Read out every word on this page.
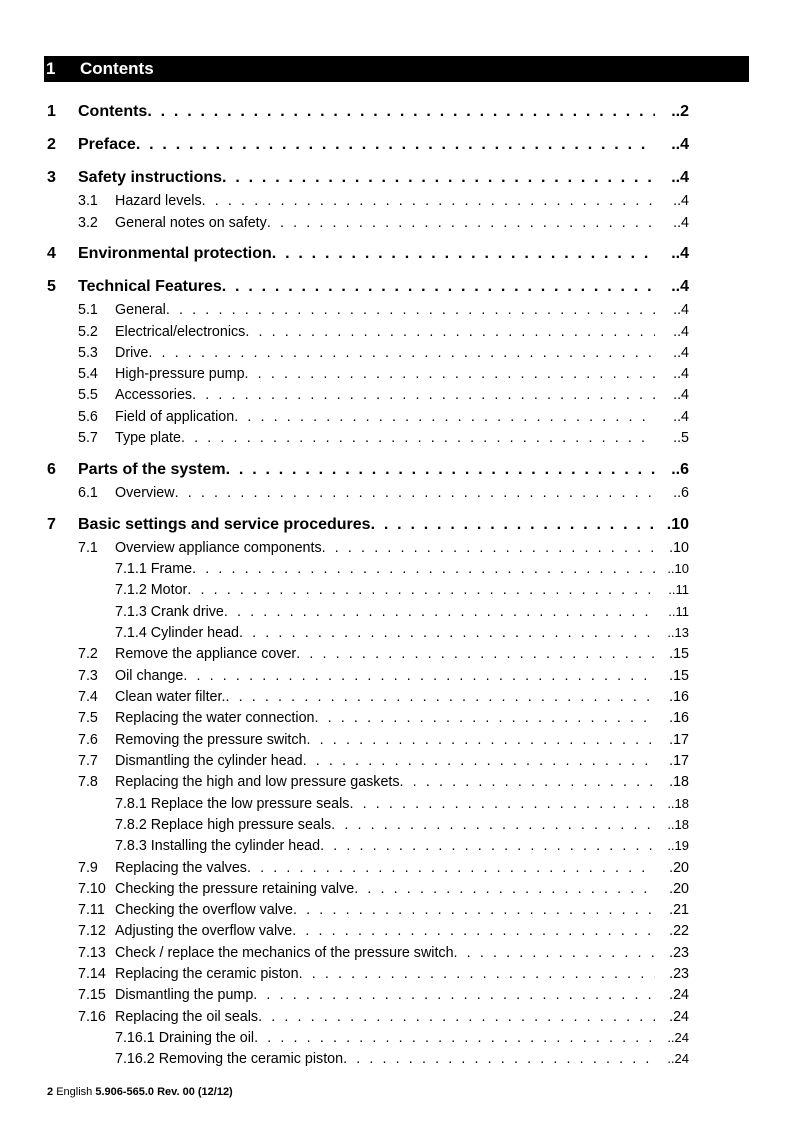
1	Contents
1 Contents . . .	..2
2 Preface . . .	..4
3 Safety instructions . . .	..4
3.1 Hazard levels . . .	..4
3.2 General notes on safety . . .	..4
4 Environmental protection . . .	..4
5 Technical Features . . .	..4
5.1 General . . .	..4
5.2 Electrical/electronics . . .	..4
5.3 Drive . . .	..4
5.4 High-pressure pump . . .	..4
5.5 Accessories . . .	..4
5.6 Field of application . . .	..4
5.7 Type plate . . .	..5
6 Parts of the system . . .	..6
6.1 Overview . . .	..6
7 Basic settings and service procedures . . .	.10
7.1 Overview appliance components . . .	.10
7.1.1 Frame . . .	..10
7.1.2 Motor . . .	..11
7.1.3 Crank drive . . .	..11
7.1.4 Cylinder head . . .	..13
7.2 Remove the appliance cover . . .	.15
7.3 Oil change . . .	.15
7.4 Clean water filter. . . .	.16
7.5 Replacing the water connection . . .	.16
7.6 Removing the pressure switch . . .	.17
7.7 Dismantling the cylinder head . . .	.17
7.8 Replacing the high and low pressure gaskets . . .	.18
7.8.1 Replace the low pressure seals . . .	..18
7.8.2 Replace high pressure seals . . .	..18
7.8.3 Installing the cylinder head . . .	..19
7.9 Replacing the valves . . .	.20
7.10 Checking the pressure retaining valve . . .	.20
7.11 Checking the overflow valve . . .	.21
7.12 Adjusting the overflow valve . . .	.22
7.13 Check / replace the mechanics of the pressure switch . . .	.23
7.14 Replacing the ceramic piston . . .	.23
7.15 Dismantling the pump . . .	.24
7.16 Replacing the oil seals . . .	.24
7.16.1 Draining the oil . . .	..24
7.16.2 Removing the ceramic piston . . .	..24
2 English 5.906-565.0 Rev. 00 (12/12)
